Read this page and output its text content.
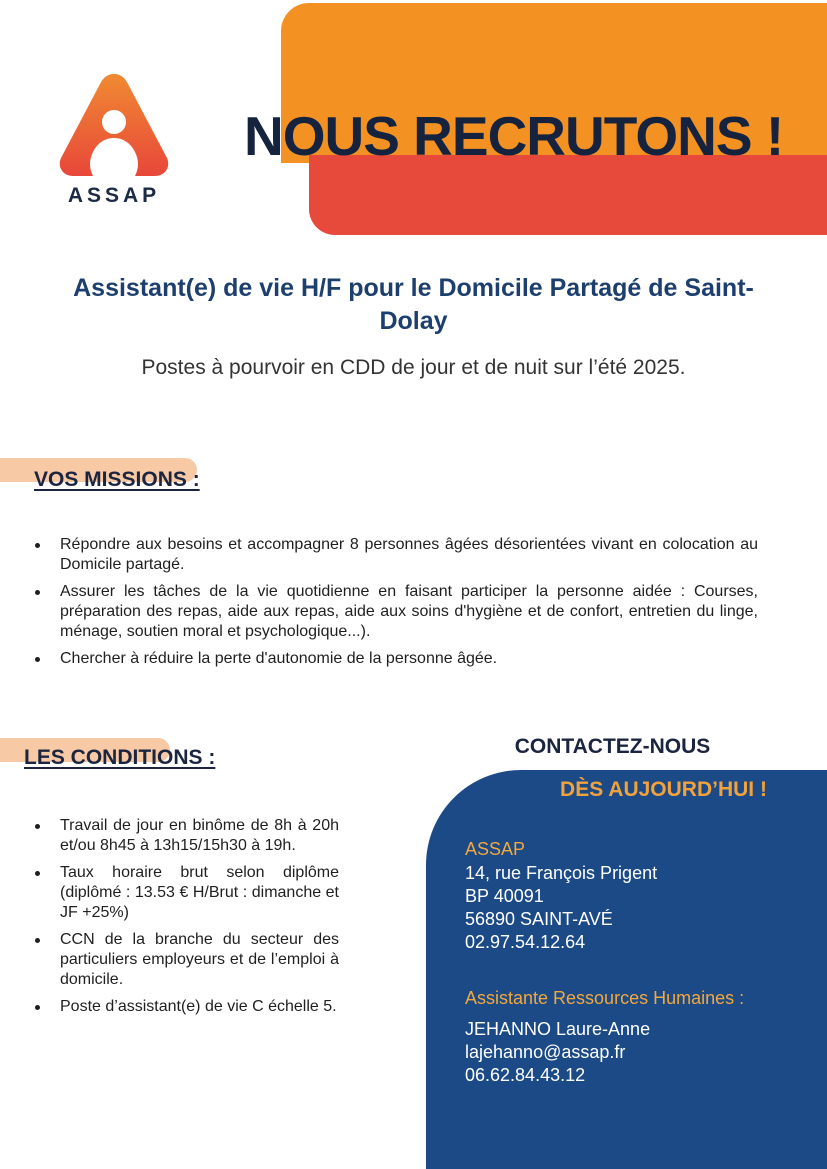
ASSAP
NOUS RECRUTONS !
Assistant(e) de vie H/F pour le Domicile Partagé de Saint-Dolay
Postes à pourvoir en CDD de jour et de nuit sur l’été 2025.
VOS MISSIONS :
Répondre aux besoins et accompagner 8 personnes âgées désorientées vivant en colocation au Domicile partagé.
Assurer les tâches de la vie quotidienne en faisant participer la personne aidée : Courses, préparation des repas, aide aux repas, aide aux soins d'hygiène et de confort, entretien du linge, ménage, soutien moral et psychologique...).
Chercher à réduire la perte d'autonomie de la personne âgée.
LES CONDITIONS :
Travail de jour en binôme de 8h à 20h et/ou 8h45 à 13h15/15h30 à 19h.
Taux horaire brut selon diplôme (diplômé : 13.53 € H/Brut : dimanche et JF +25%)
CCN de la branche du secteur des particuliers employeurs et de l’emploi à domicile.
Poste d’assistant(e) de vie C échelle 5.
CONTACTEZ-NOUS
DÈS AUJOURD’HUI !
ASSAP
14, rue François Prigent
BP 40091
56890 SAINT-AVÉ
02.97.54.12.64
Assistante Ressources Humaines :
JEHANNO Laure-Anne
lajehanno@assap.fr
06.62.84.43.12
